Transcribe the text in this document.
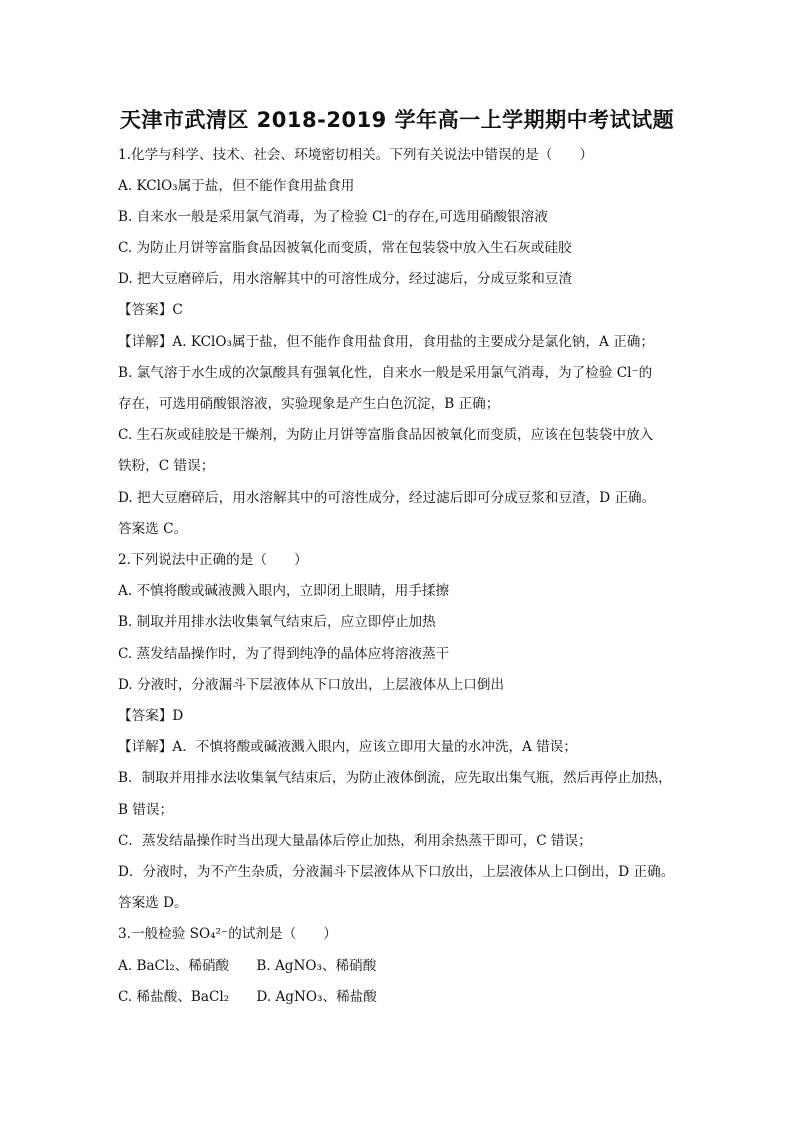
天津市武清区 2018-2019 学年高一上学期期中考试试题
1.化学与科学、技术、社会、环境密切相关。下列有关说法中错误的是（　　）
A. KClO₃属于盐，但不能作食用盐食用
B. 自来水一般是采用氯气消毒，为了检验 Cl⁻的存在,可选用硝酸银溶液
C. 为防止月饼等富脂食品因被氧化而变质，常在包装袋中放入生石灰或硅胶
D. 把大豆磨碎后，用水溶解其中的可溶性成分，经过滤后，分成豆浆和豆渣
【答案】C
【详解】A. KClO₃属于盐，但不能作食用盐食用，食用盐的主要成分是氯化钠，A 正确；
B. 氯气溶于水生成的次氯酸具有强氧化性，自来水一般是采用氯气消毒，为了检验 Cl⁻的
存在，可选用硝酸银溶液，实验现象是产生白色沉淀，B 正确；
C. 生石灰或硅胶是干燥剂，为防止月饼等富脂食品因被氧化而变质，应该在包装袋中放入
铁粉，C 错误；
D. 把大豆磨碎后，用水溶解其中的可溶性成分，经过滤后即可分成豆浆和豆渣，D 正确。
答案选 C。
2.下列说法中正确的是（　　）
A. 不慎将酸或碱液溅入眼内，立即闭上眼睛，用手揉擦
B. 制取并用排水法收集氧气结束后，应立即停止加热
C. 蒸发结晶操作时，为了得到纯净的晶体应将溶液蒸干
D. 分液时，分液漏斗下层液体从下口放出，上层液体从上口倒出
【答案】D
【详解】A．不慎将酸或碱液溅入眼内，应该立即用大量的水冲洗，A 错误；
B．制取并用排水法收集氧气结束后，为防止液体倒流，应先取出集气瓶，然后再停止加热，
B 错误；
C．蒸发结晶操作时当出现大量晶体后停止加热，利用余热蒸干即可，C 错误；
D．分液时，为不产生杂质，分液漏斗下层液体从下口放出，上层液体从上口倒出，D 正确。
答案选 D。
3.一般检验 SO₄²⁻的试剂是（　　）
A. BaCl₂、稀硝酸　　B. AgNO₃、稀硝酸
C. 稀盐酸、BaCl₂　　D. AgNO₃、稀盐酸
